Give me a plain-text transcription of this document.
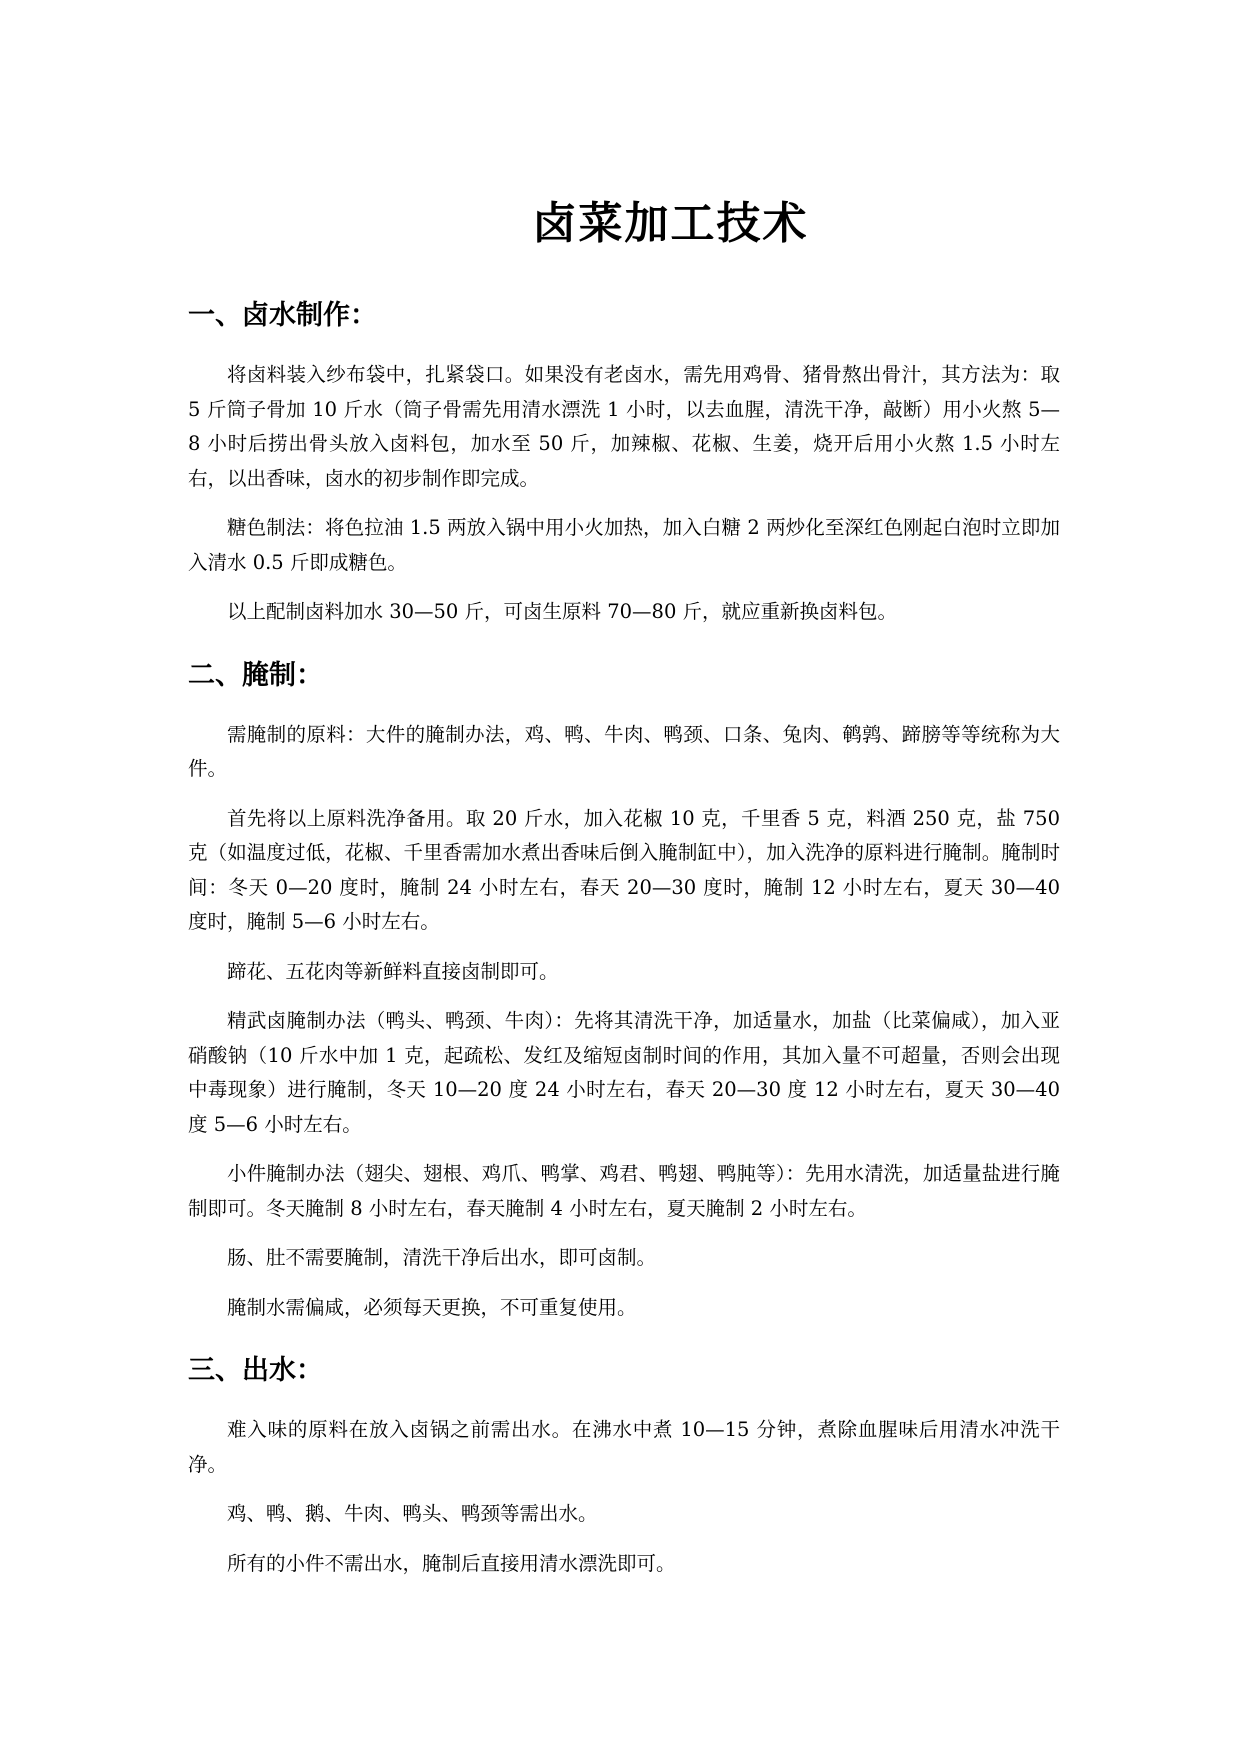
卤菜加工技术
一、卤水制作：

将卤料装入纱布袋中，扎紧袋口。如果没有老卤水，需先用鸡骨、猪骨熬出骨汁，其方法为：取 5 斤筒子骨加 10 斤水（筒子骨需先用清水漂洗 1 小时，以去血腥，清洗干净，敲断）用小火熬 5—8 小时后捞出骨头放入卤料包，加水至 50 斤，加辣椒、花椒、生姜，烧开后用小火熬 1.5 小时左右，以出香味，卤水的初步制作即完成。

糖色制法：将色拉油 1.5 两放入锅中用小火加热，加入白糖 2 两炒化至深红色刚起白泡时立即加入清水 0.5 斤即成糖色。

以上配制卤料加水 30—50 斤，可卤生原料 70—80 斤，就应重新换卤料包。

二、腌制：

需腌制的原料：大件的腌制办法，鸡、鸭、牛肉、鸭颈、口条、兔肉、鹌鹑、蹄膀等等统称为大件。

首先将以上原料洗净备用。取 20 斤水，加入花椒 10 克，千里香 5 克，料酒 250 克，盐 750 克（如温度过低，花椒、千里香需加水煮出香味后倒入腌制缸中），加入洗净的原料进行腌制。腌制时间：冬天 0—20 度时，腌制 24 小时左右，春天 20—30 度时，腌制 12 小时左右，夏天 30—40 度时，腌制 5—6 小时左右。

蹄花、五花肉等新鲜料直接卤制即可。

精武卤腌制办法（鸭头、鸭颈、牛肉）：先将其清洗干净，加适量水，加盐（比菜偏咸），加入亚硝酸钠（10 斤水中加 1 克，起疏松、发红及缩短卤制时间的作用，其加入量不可超量，否则会出现中毒现象）进行腌制，冬天 10—20 度 24 小时左右，春天 20—30 度 12 小时左右，夏天 30—40 度 5—6 小时左右。

小件腌制办法（翅尖、翅根、鸡爪、鸭掌、鸡君、鸭翅、鸭肫等）：先用水清洗，加适量盐进行腌制即可。冬天腌制 8 小时左右，春天腌制 4 小时左右，夏天腌制 2 小时左右。

肠、肚不需要腌制，清洗干净后出水，即可卤制。

腌制水需偏咸，必须每天更换，不可重复使用。

三、出水：

难入味的原料在放入卤锅之前需出水。在沸水中煮 10—15 分钟，煮除血腥味后用清水冲洗干净。

鸡、鸭、鹅、牛肉、鸭头、鸭颈等需出水。

所有的小件不需出水，腌制后直接用清水漂洗即可。
